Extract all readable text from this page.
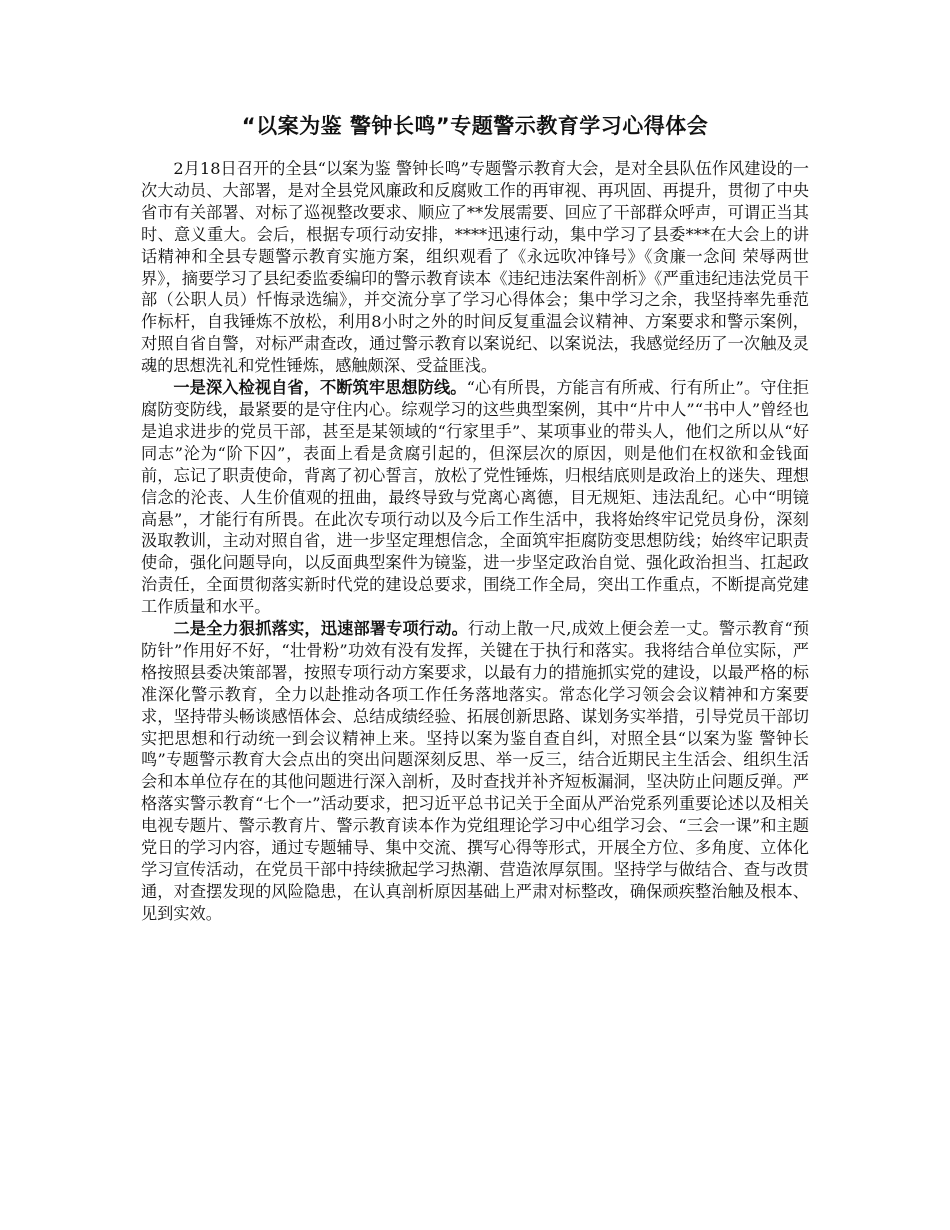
“以案为鉴 警钟长鸣”专题警示教育学习心得体会

2月18日召开的全县“以案为鉴 警钟长鸣”专题警示教育大会，是对全县队伍作风建设的一次大动员、大部署，是对全县党风廉政和反腐败工作的再审视、再巩固、再提升，贯彻了中央省市有关部署、对标了巡视整改要求、顺应了**发展需要、回应了干部群众呼声，可谓正当其时、意义重大。会后，根据专项行动安排，****迅速行动，集中学习了县委***在大会上的讲话精神和全县专题警示教育实施方案，组织观看了《永远吹冲锋号》《贪廉一念间 荣辱两世界》，摘要学习了县纪委监委编印的警示教育读本《违纪违法案件剖析》《严重违纪违法党员干部（公职人员）忏悔录选编》，并交流分享了学习心得体会；集中学习之余，我坚持率先垂范作标杆，自我锤炼不放松，利用8小时之外的时间反复重温会议精神、方案要求和警示案例，对照自省自警，对标严肃查改，通过警示教育以案说纪、以案说法，我感觉经历了一次触及灵魂的思想洗礼和党性锤炼，感触颇深、受益匪浅。

一是深入检视自省，不断筑牢思想防线。“心有所畏，方能言有所戒、行有所止”。守住拒腐防变防线，最紧要的是守住内心。综观学习的这些典型案例，其中“片中人”“书中人”曾经也是追求进步的党员干部，甚至是某领域的“行家里手”、某项事业的带头人，他们之所以从“好同志”沦为“阶下囚”，表面上看是贪腐引起的，但深层次的原因，则是他们在权欲和金钱面前，忘记了职责使命，背离了初心誓言，放松了党性锤炼，归根结底则是政治上的迷失、理想信念的沦丧、人生价值观的扭曲，最终导致与党离心离德，目无规矩、违法乱纪。心中“明镜高悬”，才能行有所畏。在此次专项行动以及今后工作生活中，我将始终牢记党员身份，深刻汲取教训，主动对照自省，进一步坚定理想信念，全面筑牢拒腐防变思想防线；始终牢记职责使命，强化问题导向，以反面典型案件为镜鉴，进一步坚定政治自觉、强化政治担当、扛起政治责任，全面贯彻落实新时代党的建设总要求，围绕工作全局，突出工作重点，不断提高党建工作质量和水平。

二是全力狠抓落实，迅速部署专项行动。行动上散一尺,成效上便会差一丈。警示教育“预防针”作用好不好，“壮骨粉”功效有没有发挥，关键在于执行和落实。我将结合单位实际，严格按照县委决策部署，按照专项行动方案要求，以最有力的措施抓实党的建设，以最严格的标准深化警示教育，全力以赴推动各项工作任务落地落实。常态化学习领会会议精神和方案要求，坚持带头畅谈感悟体会、总结成绩经验、拓展创新思路、谋划务实举措，引导党员干部切实把思想和行动统一到会议精神上来。坚持以案为鉴自查自纠，对照全县“以案为鉴 警钟长鸣”专题警示教育大会点出的突出问题深刻反思、举一反三，结合近期民主生活会、组织生活会和本单位存在的其他问题进行深入剖析，及时查找并补齐短板漏洞，坚决防止问题反弹。严格落实警示教育“七个一”活动要求，把习近平总书记关于全面从严治党系列重要论述以及相关电视专题片、警示教育片、警示教育读本作为党组理论学习中心组学习会、“三会一课”和主题党日的学习内容，通过专题辅导、集中交流、撰写心得等形式，开展全方位、多角度、立体化学习宣传活动，在党员干部中持续掀起学习热潮、营造浓厚氛围。坚持学与做结合、查与改贯通，对查摆发现的风险隐患，在认真剖析原因基础上严肃对标整改，确保顽疾整治触及根本、见到实效。
